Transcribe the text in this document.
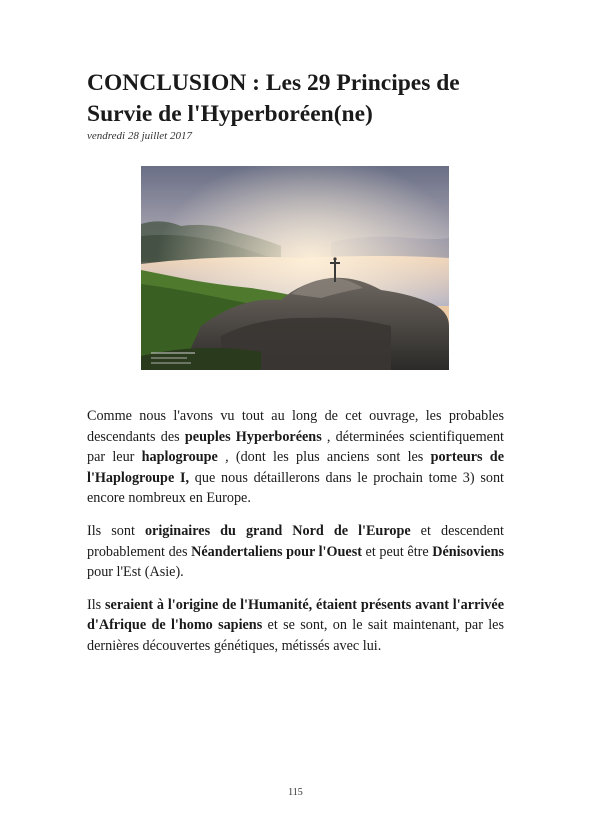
CONCLUSION : Les 29 Principes de Survie de l'Hyperboréen(ne)
vendredi 28 juillet 2017

Comme nous l'avons vu tout au long de cet ouvrage, les probables descendants des peuples Hyperboréens , déterminées scientifiquement par leur haplogroupe , (dont les plus anciens sont les porteurs de l'Haplogroupe I, que nous détaillerons dans le prochain tome 3) sont encore nombreux en Europe.

Ils sont originaires du grand Nord de l'Europe et descendent probablement des Néandertaliens pour l'Ouest et peut être Dénisoviens pour l'Est (Asie).

Ils seraient à l'origine de l'Humanité, étaient présents avant l'arrivée d'Afrique de l'homo sapiens et se sont, on le sait maintenant, par les dernières découvertes génétiques, métissés avec lui.

115
